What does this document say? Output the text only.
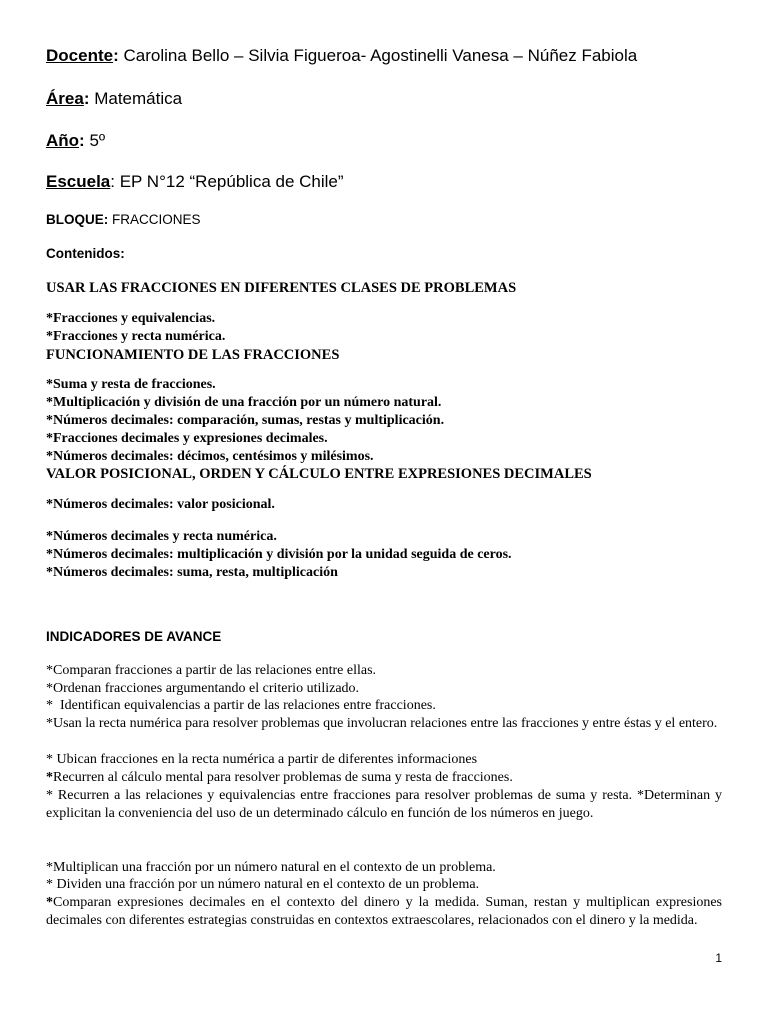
Docente: Carolina Bello – Silvia Figueroa- Agostinelli Vanesa – Núñez Fabiola
Área: Matemática
Año: 5º
Escuela: EP N°12 “República de Chile”
BLOQUE: FRACCIONES
Contenidos:
USAR LAS FRACCIONES EN DIFERENTES CLASES DE PROBLEMAS
*Fracciones y equivalencias.
*Fracciones y recta numérica.
FUNCIONAMIENTO DE LAS FRACCIONES
*Suma y resta de fracciones.
*Multiplicación y división de una fracción por un número natural.
*Números decimales: comparación, sumas, restas y multiplicación.
*Fracciones decimales y expresiones decimales.
*Números decimales: décimos, centésimos y milésimos.
VALOR POSICIONAL, ORDEN Y CÁLCULO ENTRE EXPRESIONES DECIMALES
*Números decimales: valor posicional.
*Números decimales y recta numérica.
*Números decimales: multiplicación y división por la unidad seguida de ceros.
*Números decimales: suma, resta, multiplicación
INDICADORES DE AVANCE
*Comparan fracciones a partir de las relaciones entre ellas.
*Ordenan fracciones argumentando el criterio utilizado.
*  Identifican equivalencias a partir de las relaciones entre fracciones.
*Usan la recta numérica para resolver problemas que involucran relaciones entre las fracciones y entre éstas y el entero.
* Ubican fracciones en la recta numérica a partir de diferentes informaciones
*Recurren al cálculo mental para resolver problemas de suma y resta de fracciones.
* Recurren a las relaciones y equivalencias entre fracciones para resolver problemas de suma y resta. *Determinan y explicitan la conveniencia del uso de un determinado cálculo en función de los números en juego.
*Multiplican una fracción por un número natural en el contexto de un problema.
* Dividen una fracción por un número natural en el contexto de un problema.
*Comparan expresiones decimales en el contexto del dinero y la medida. Suman, restan y multiplican expresiones decimales con diferentes estrategias construidas en contextos extraescolares, relacionados con el dinero y la medida.
1
